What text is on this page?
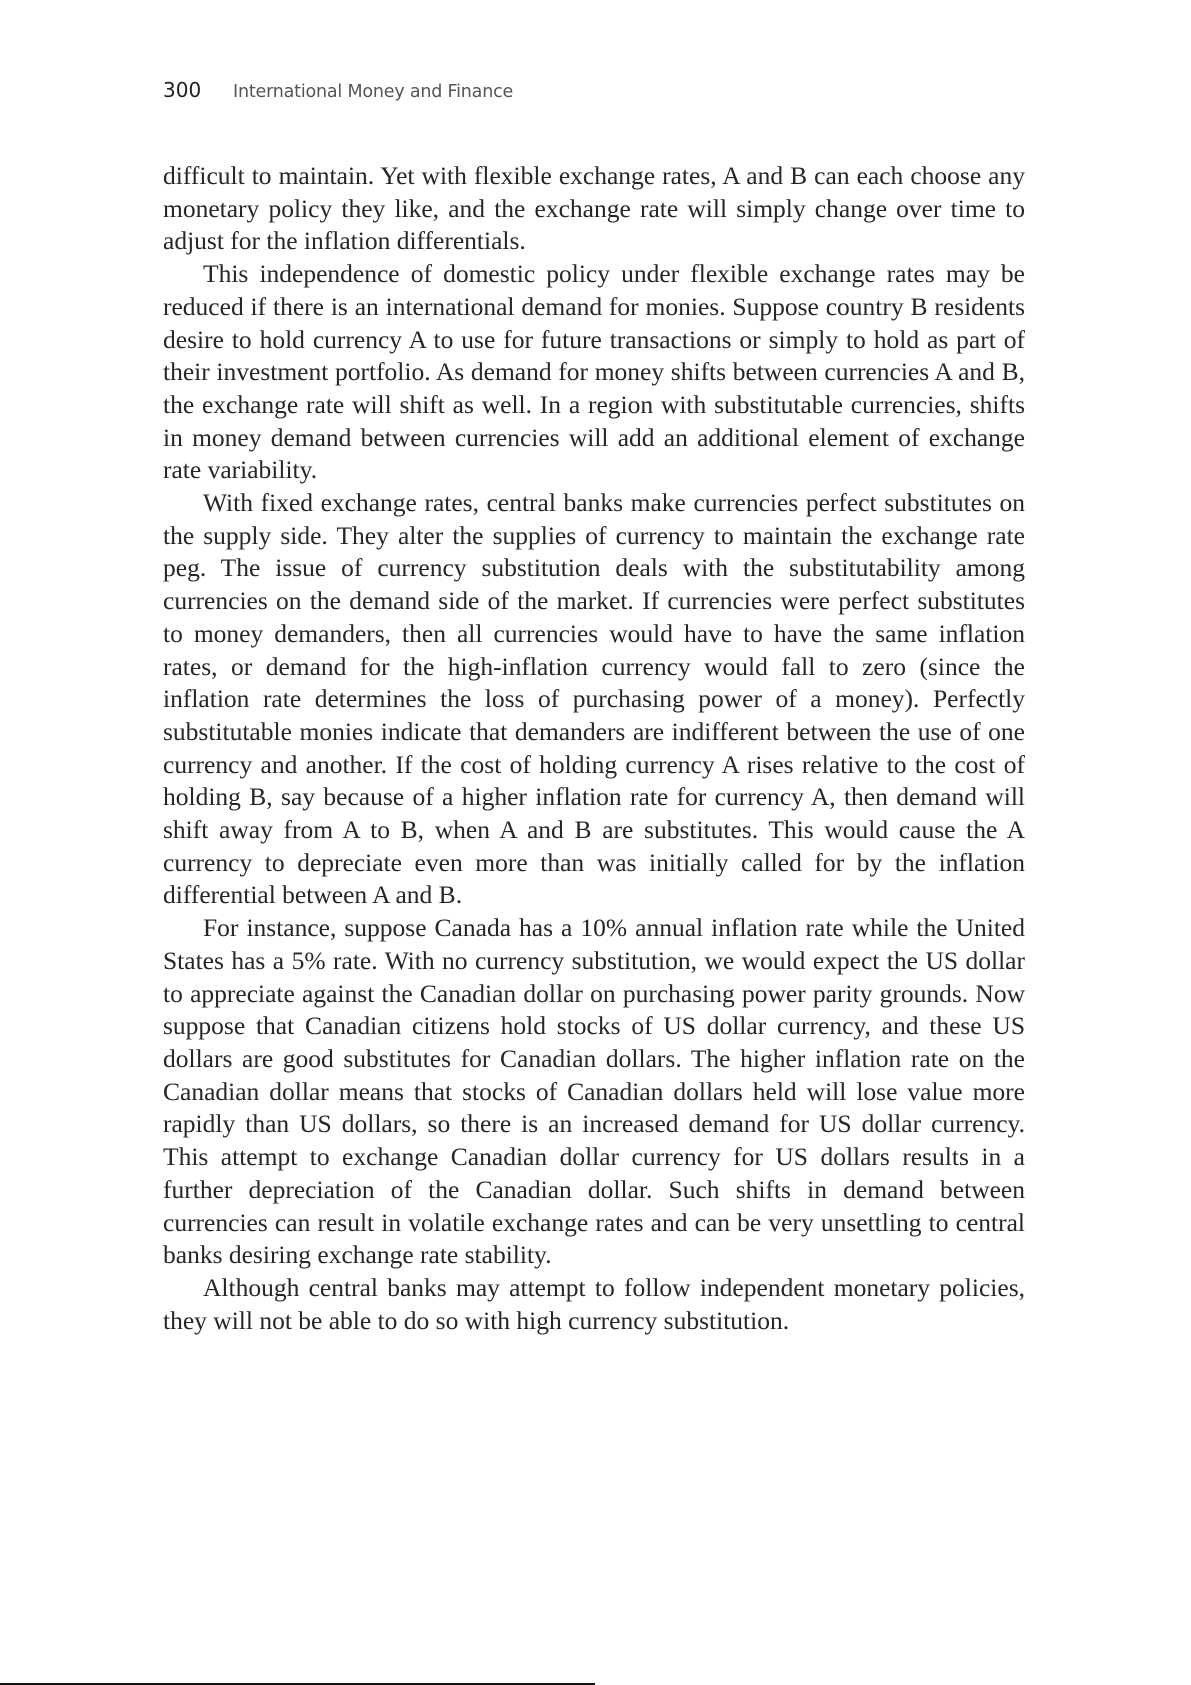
300	International Money and Finance

difficult to maintain. Yet with flexible exchange rates, A and B can each choose any monetary policy they like, and the exchange rate will simply change over time to adjust for the inflation differentials.

This independence of domestic policy under flexible exchange rates may be reduced if there is an international demand for monies. Suppose country B residents desire to hold currency A to use for future transactions or simply to hold as part of their investment portfolio. As demand for money shifts between currencies A and B, the exchange rate will shift as well. In a region with substitutable currencies, shifts in money demand between currencies will add an additional element of exchange rate variability.

With fixed exchange rates, central banks make currencies perfect substitutes on the supply side. They alter the supplies of currency to maintain the exchange rate peg. The issue of currency substitution deals with the substitutability among currencies on the demand side of the market. If currencies were perfect substitutes to money demanders, then all currencies would have to have the same inflation rates, or demand for the high-inflation currency would fall to zero (since the inflation rate determines the loss of purchasing power of a money). Perfectly substitutable monies indicate that demanders are indifferent between the use of one currency and another. If the cost of holding currency A rises relative to the cost of holding B, say because of a higher inflation rate for currency A, then demand will shift away from A to B, when A and B are substitutes. This would cause the A currency to depreciate even more than was initially called for by the inflation differential between A and B.

For instance, suppose Canada has a 10% annual inflation rate while the United States has a 5% rate. With no currency substitution, we would expect the US dollar to appreciate against the Canadian dollar on purchasing power parity grounds. Now suppose that Canadian citizens hold stocks of US dollar currency, and these US dollars are good substitutes for Canadian dollars. The higher inflation rate on the Canadian dollar means that stocks of Canadian dollars held will lose value more rapidly than US dollars, so there is an increased demand for US dollar currency. This attempt to exchange Canadian dollar currency for US dollars results in a further depreciation of the Canadian dollar. Such shifts in demand between currencies can result in volatile exchange rates and can be very unsettling to central banks desiring exchange rate stability.

Although central banks may attempt to follow independent monetary policies, they will not be able to do so with high currency substitution.
